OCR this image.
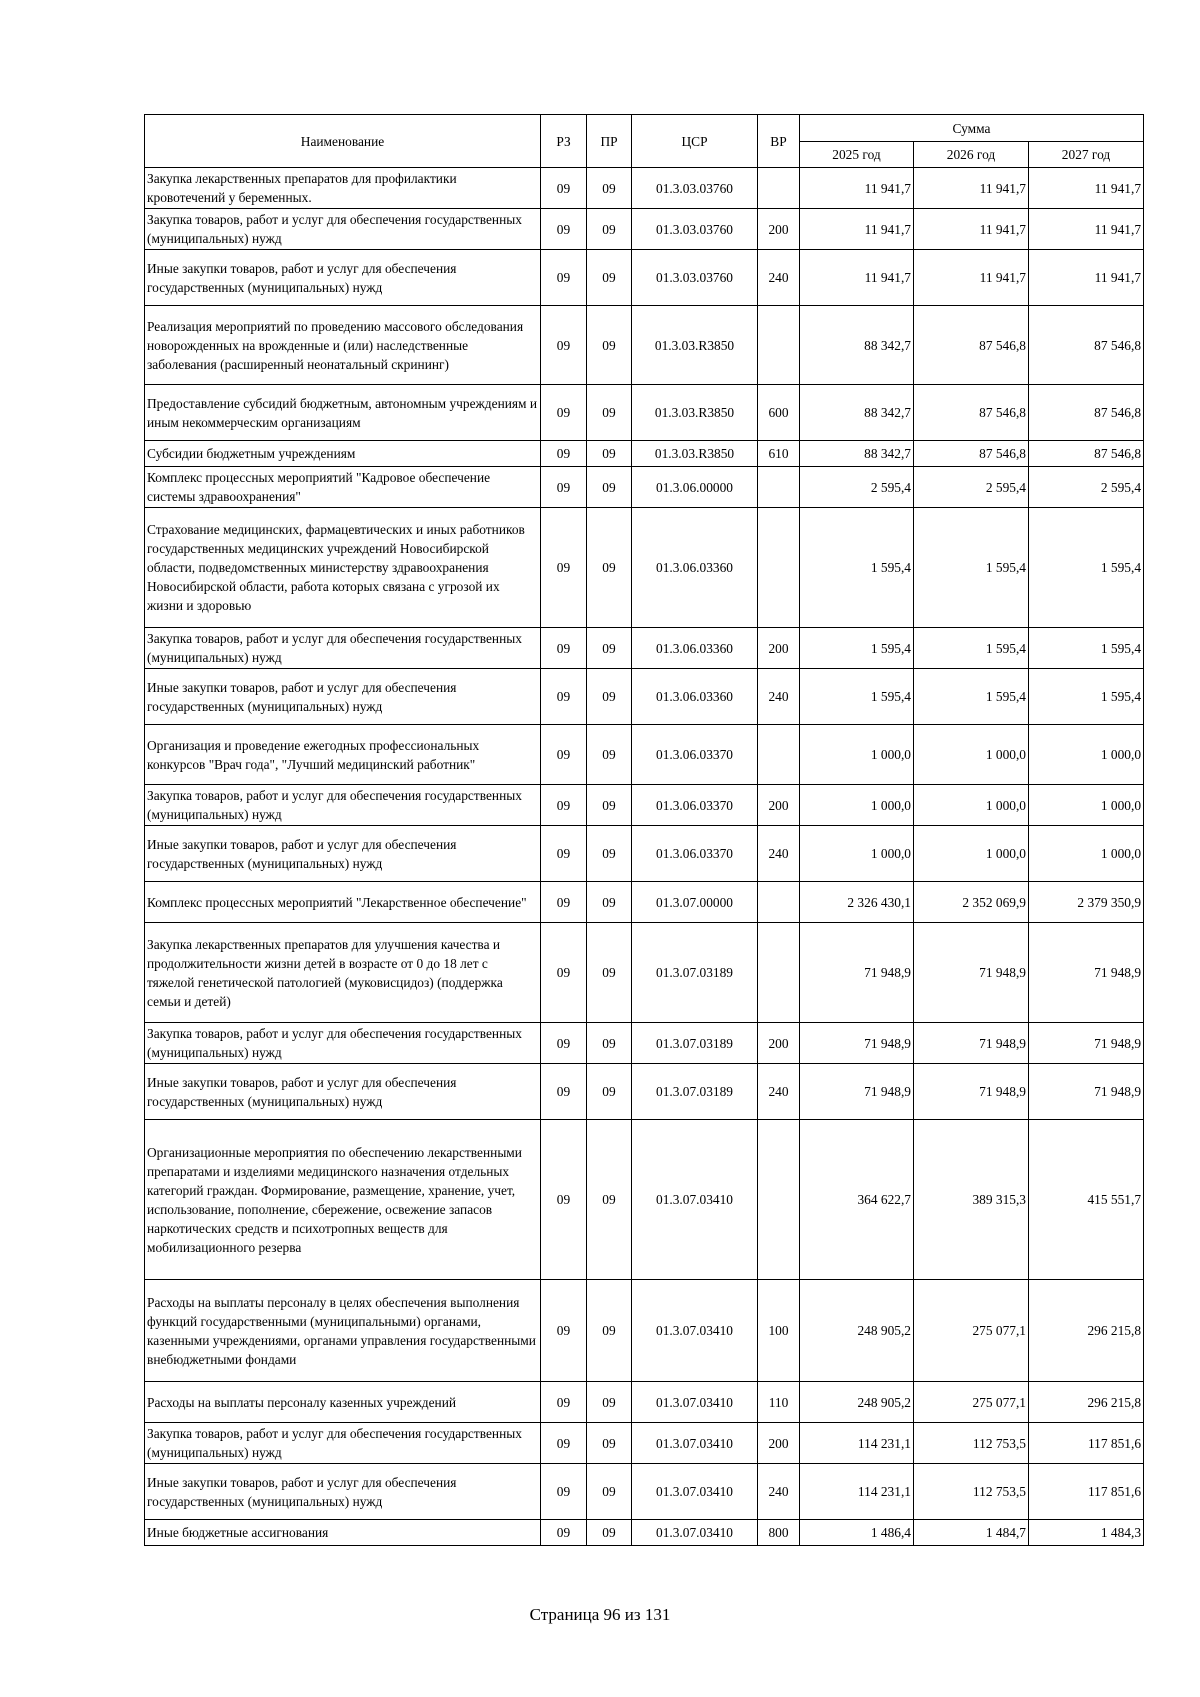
Наименование	РЗ	ПР	ЦСР	ВР	Сумма		
					2025 год	2026 год	2027 год
Закупка лекарственных препаратов для профилактики кровотечений у беременных.	09	09	01.3.03.03760		11 941,7	11 941,7	11 941,7
Закупка товаров, работ и услуг для обеспечения государственных (муниципальных) нужд	09	09	01.3.03.03760	200	11 941,7	11 941,7	11 941,7
Иные закупки товаров, работ и услуг для обеспечения государственных (муниципальных) нужд	09	09	01.3.03.03760	240	11 941,7	11 941,7	11 941,7
Реализация мероприятий по проведению массового обследования новорожденных на врожденные и (или) наследственные заболевания (расширенный неонатальный скрининг)	09	09	01.3.03.R3850		88 342,7	87 546,8	87 546,8
Предоставление субсидий бюджетным, автономным учреждениям и иным некоммерческим организациям	09	09	01.3.03.R3850	600	88 342,7	87 546,8	87 546,8
Субсидии бюджетным учреждениям	09	09	01.3.03.R3850	610	88 342,7	87 546,8	87 546,8
Комплекс процессных мероприятий "Кадровое обеспечение системы здравоохранения"	09	09	01.3.06.00000		2 595,4	2 595,4	2 595,4
Страхование медицинских, фармацевтических и иных работников государственных медицинских учреждений Новосибирской области, подведомственных министерству здравоохранения Новосибирской области, работа которых связана с угрозой их жизни и здоровью	09	09	01.3.06.03360		1 595,4	1 595,4	1 595,4
Закупка товаров, работ и услуг для обеспечения государственных (муниципальных) нужд	09	09	01.3.06.03360	200	1 595,4	1 595,4	1 595,4
Иные закупки товаров, работ и услуг для обеспечения государственных (муниципальных) нужд	09	09	01.3.06.03360	240	1 595,4	1 595,4	1 595,4
Организация и проведение ежегодных профессиональных конкурсов "Врач года", "Лучший медицинский работник"	09	09	01.3.06.03370		1 000,0	1 000,0	1 000,0
Закупка товаров, работ и услуг для обеспечения государственных (муниципальных) нужд	09	09	01.3.06.03370	200	1 000,0	1 000,0	1 000,0
Иные закупки товаров, работ и услуг для обеспечения государственных (муниципальных) нужд	09	09	01.3.06.03370	240	1 000,0	1 000,0	1 000,0
Комплекс процессных мероприятий "Лекарственное обеспечение"	09	09	01.3.07.00000		2 326 430,1	2 352 069,9	2 379 350,9
Закупка лекарственных препаратов для улучшения качества и продолжительности жизни детей в возрасте от 0 до 18 лет с тяжелой генетической патологией (муковисцидоз) (поддержка семьи и детей)	09	09	01.3.07.03189		71 948,9	71 948,9	71 948,9
Закупка товаров, работ и услуг для обеспечения государственных (муниципальных) нужд	09	09	01.3.07.03189	200	71 948,9	71 948,9	71 948,9
Иные закупки товаров, работ и услуг для обеспечения государственных (муниципальных) нужд	09	09	01.3.07.03189	240	71 948,9	71 948,9	71 948,9
Организационные мероприятия по обеспечению лекарственными препаратами и изделиями медицинского назначения отдельных категорий граждан. Формирование, размещение, хранение, учет, использование, пополнение, сбережение, освежение запасов наркотических средств и психотропных веществ для мобилизационного резерва	09	09	01.3.07.03410		364 622,7	389 315,3	415 551,7
Расходы на выплаты персоналу в целях обеспечения выполнения функций государственными (муниципальными) органами, казенными учреждениями, органами управления государственными внебюджетными фондами	09	09	01.3.07.03410	100	248 905,2	275 077,1	296 215,8
Расходы на выплаты персоналу казенных учреждений	09	09	01.3.07.03410	110	248 905,2	275 077,1	296 215,8
Закупка товаров, работ и услуг для обеспечения государственных (муниципальных) нужд	09	09	01.3.07.03410	200	114 231,1	112 753,5	117 851,6
Иные закупки товаров, работ и услуг для обеспечения государственных (муниципальных) нужд	09	09	01.3.07.03410	240	114 231,1	112 753,5	117 851,6
Иные бюджетные ассигнования	09	09	01.3.07.03410	800	1 486,4	1 484,7	1 484,3
Страница 96 из 131
